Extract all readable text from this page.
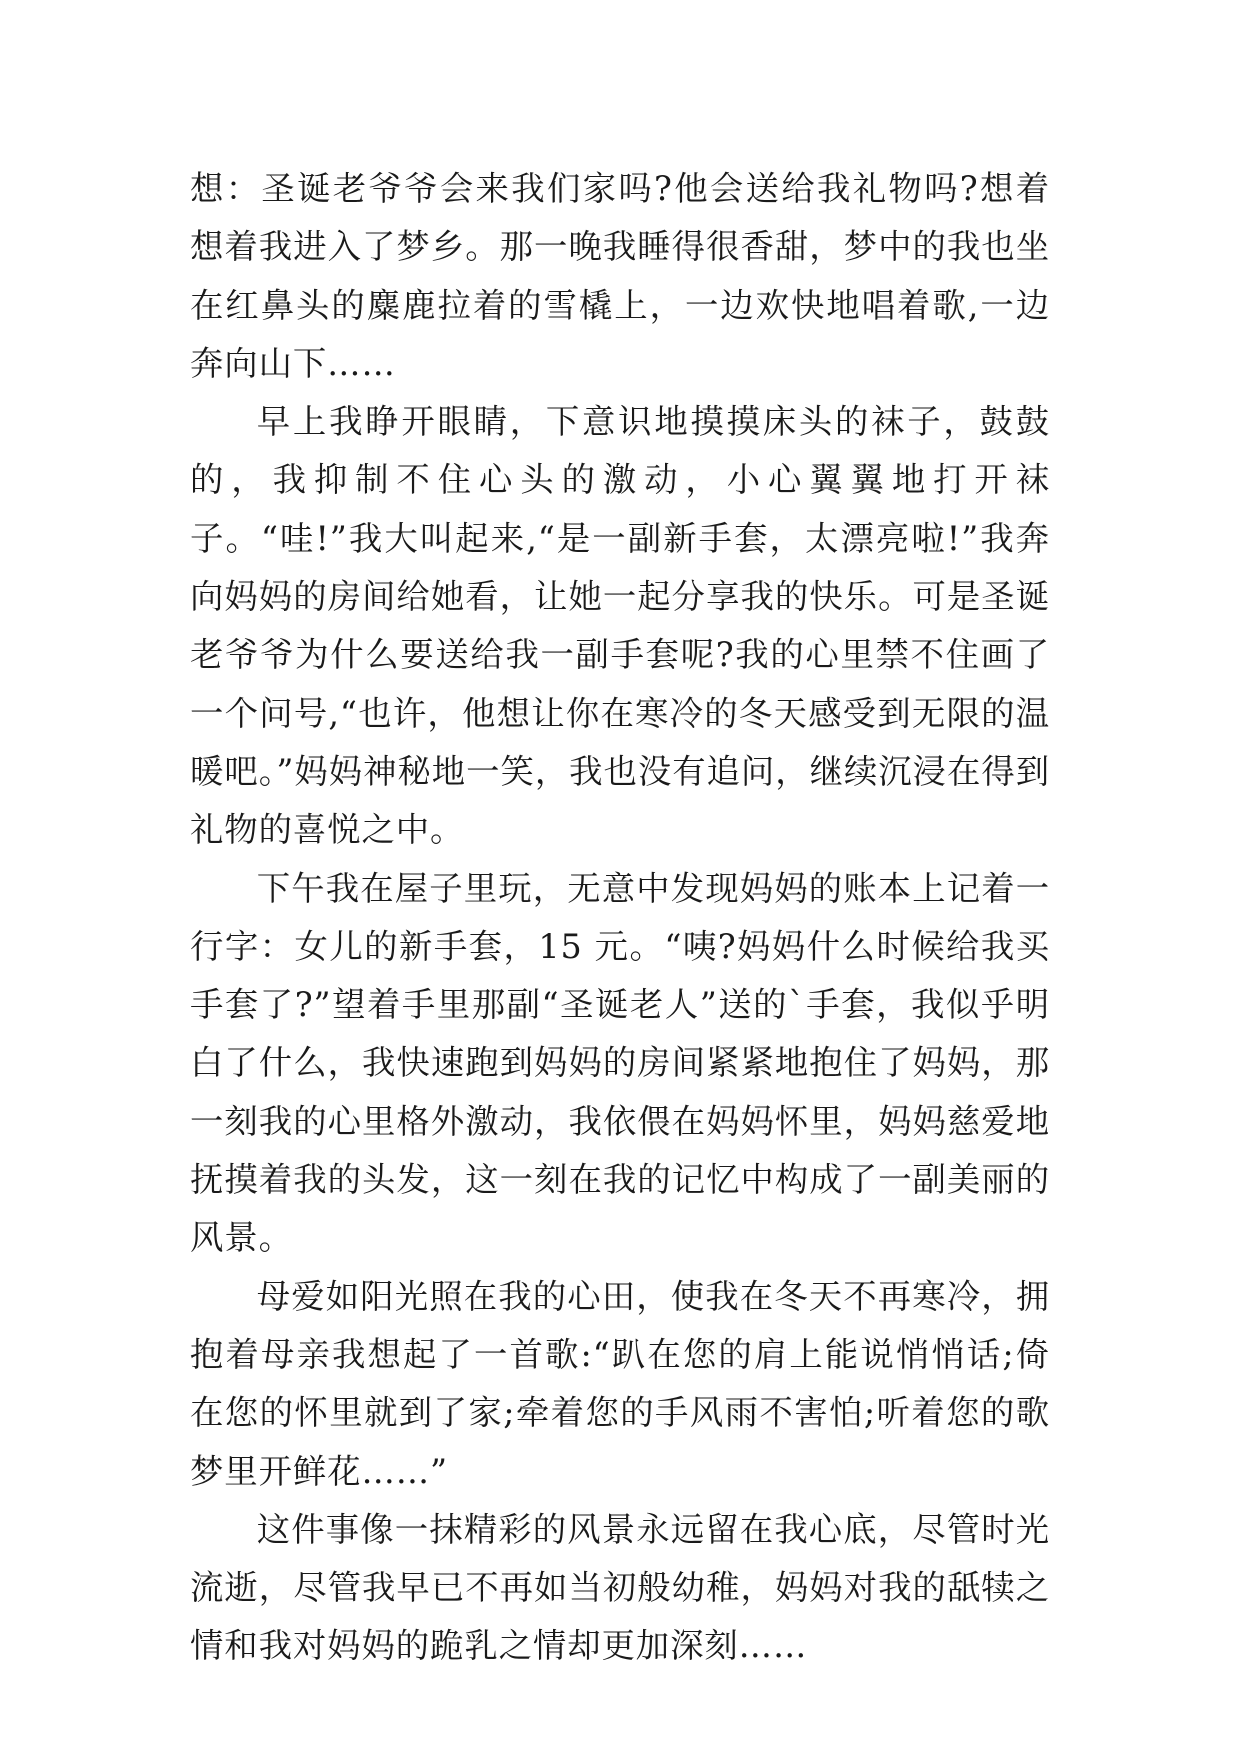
想：圣诞老爷爷会来我们家吗?他会送给我礼物吗?想着想着我进入了梦乡。那一晚我睡得很香甜，梦中的我也坐在红鼻头的麋鹿拉着的雪橇上，一边欢快地唱着歌,一边奔向山下……

早上我睁开眼睛，下意识地摸摸床头的袜子，鼓鼓的，我抑制不住心头的激动，小心翼翼地打开袜子。“哇!”我大叫起来,“是一副新手套，太漂亮啦!”我奔向妈妈的房间给她看，让她一起分享我的快乐。可是圣诞老爷爷为什么要送给我一副手套呢?我的心里禁不住画了一个问号,“也许，他想让你在寒冷的冬天感受到无限的温暖吧。”妈妈神秘地一笑，我也没有追问，继续沉浸在得到礼物的喜悦之中。

下午我在屋子里玩，无意中发现妈妈的账本上记着一行字：女儿的新手套，15 元。“咦?妈妈什么时候给我买手套了?”望着手里那副“圣诞老人”送的`手套，我似乎明白了什么，我快速跑到妈妈的房间紧紧地抱住了妈妈，那一刻我的心里格外激动，我依偎在妈妈怀里，妈妈慈爱地抚摸着我的头发，这一刻在我的记忆中构成了一副美丽的风景。

母爱如阳光照在我的心田，使我在冬天不再寒冷，拥抱着母亲我想起了一首歌:“趴在您的肩上能说悄悄话;倚在您的怀里就到了家;牵着您的手风雨不害怕;听着您的歌梦里开鲜花……”

这件事像一抹精彩的风景永远留在我心底，尽管时光流逝，尽管我早已不再如当初般幼稚，妈妈对我的舐犊之情和我对妈妈的跪乳之情却更加深刻……
